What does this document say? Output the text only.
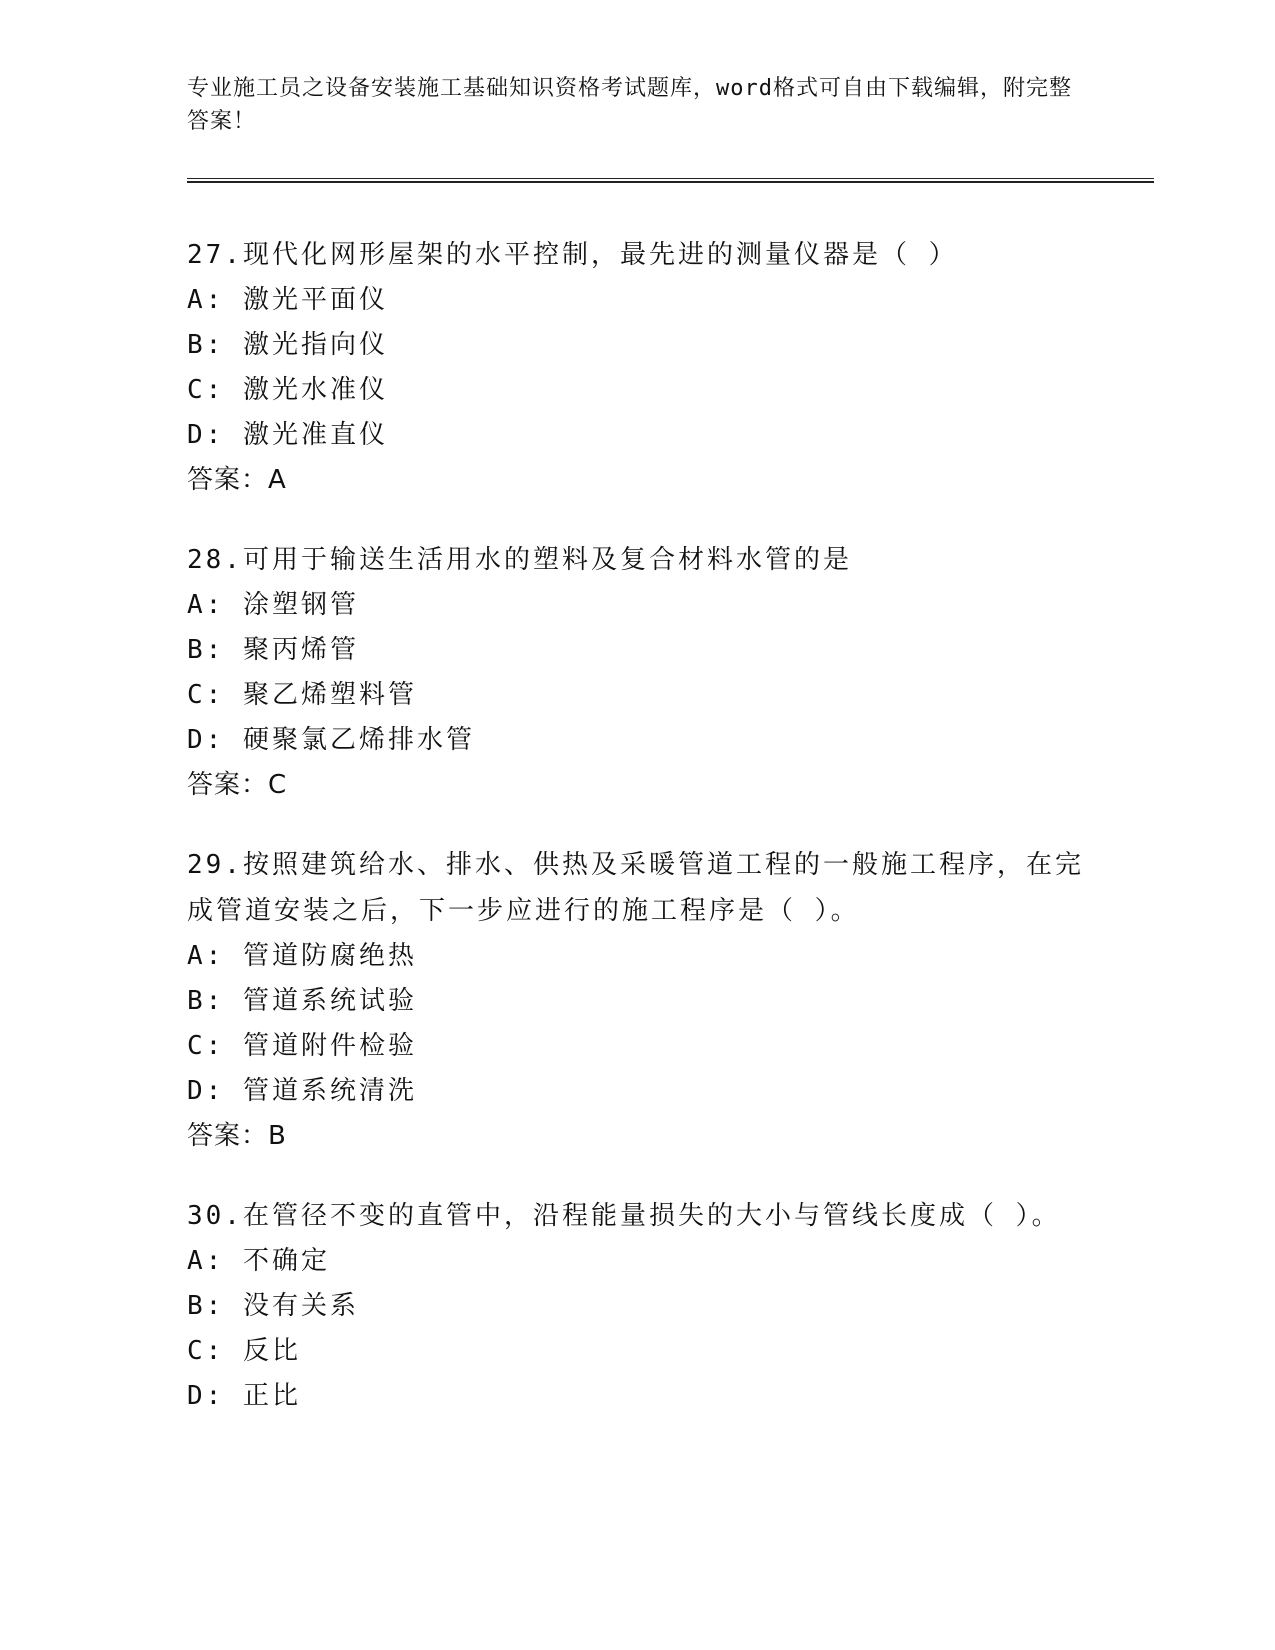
专业施工员之设备安装施工基础知识资格考试题库，word格式可自由下载编辑，附完整答案！
27.现代化网形屋架的水平控制，最先进的测量仪器是（ ）
A: 激光平面仪
B: 激光指向仪
C: 激光水准仪
D: 激光准直仪
答案：A
28.可用于输送生活用水的塑料及复合材料水管的是
A: 涂塑钢管
B: 聚丙烯管
C: 聚乙烯塑料管
D: 硬聚氯乙烯排水管
答案：C
29.按照建筑给水、排水、供热及采暖管道工程的一般施工程序，在完成管道安装之后，下一步应进行的施工程序是（ ）。
A: 管道防腐绝热
B: 管道系统试验
C: 管道附件检验
D: 管道系统清洗
答案：B
30.在管径不变的直管中，沿程能量损失的大小与管线长度成（ ）。
A: 不确定
B: 没有关系
C: 反比
D: 正比
